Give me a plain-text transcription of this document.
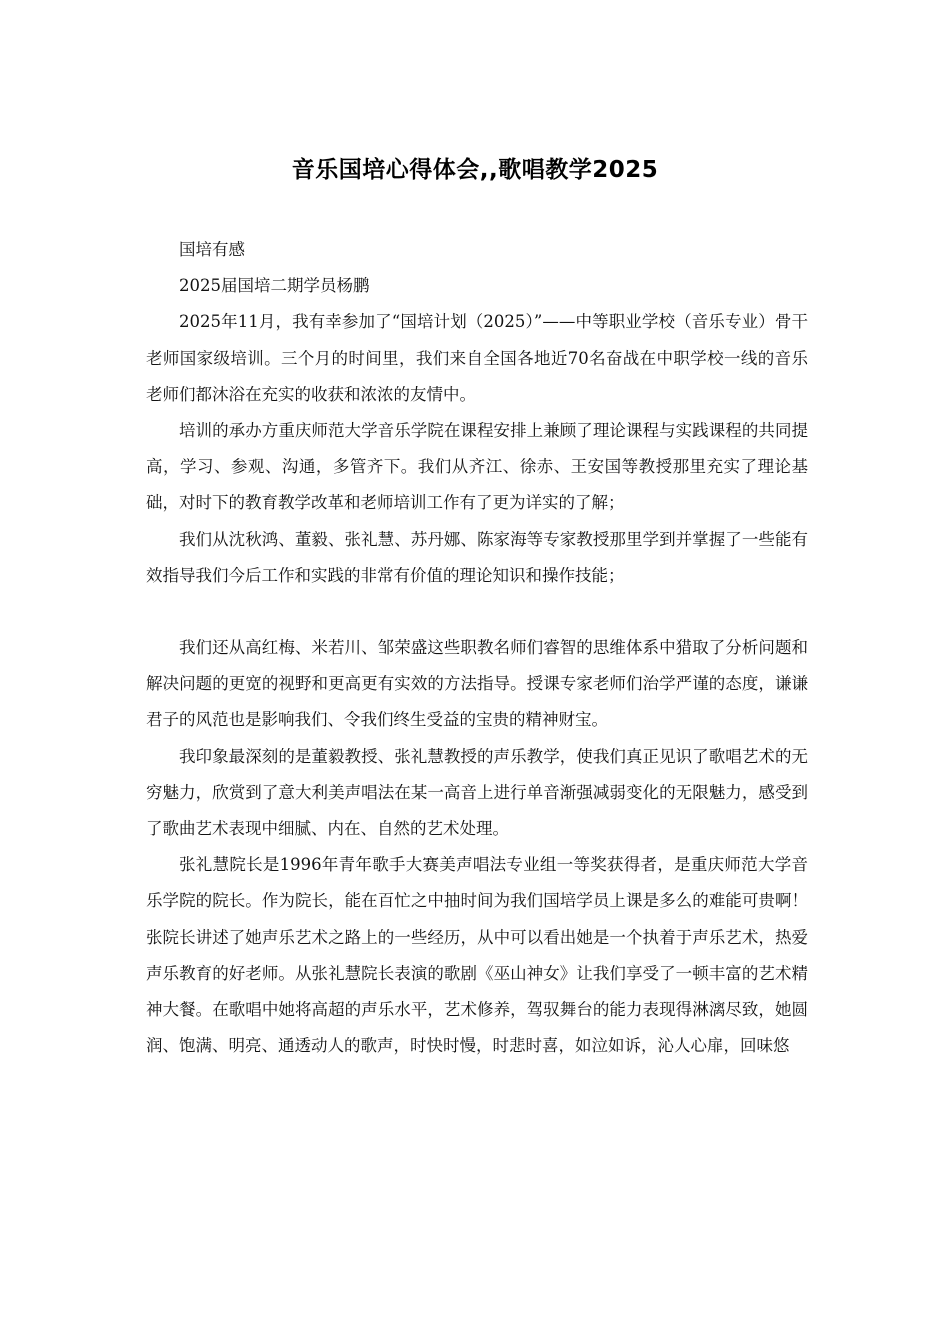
音乐国培心得体会,,歌唱教学2025

国培有感

2025届国培二期学员杨鹏

2025年11月，我有幸参加了“国培计划（2025）”——中等职业学校（音乐专业）骨干老师国家级培训。三个月的时间里，我们来自全国各地近70名奋战在中职学校一线的音乐老师们都沐浴在充实的收获和浓浓的友情中。

培训的承办方重庆师范大学音乐学院在课程安排上兼顾了理论课程与实践课程的共同提高，学习、参观、沟通，多管齐下。我们从齐江、徐赤、王安国等教授那里充实了理论基础，对时下的教育教学改革和老师培训工作有了更为详实的了解；

我们从沈秋鸿、董毅、张礼慧、苏丹娜、陈家海等专家教授那里学到并掌握了一些能有效指导我们今后工作和实践的非常有价值的理论知识和操作技能；

我们还从高红梅、米若川、邹荣盛这些职教名师们睿智的思维体系中猎取了分析问题和解决问题的更宽的视野和更高更有实效的方法指导。授课专家老师们治学严谨的态度，谦谦君子的风范也是影响我们、令我们终生受益的宝贵的精神财宝。

我印象最深刻的是董毅教授、张礼慧教授的声乐教学，使我们真正见识了歌唱艺术的无穷魅力，欣赏到了意大利美声唱法在某一高音上进行单音渐强减弱变化的无限魅力，感受到了歌曲艺术表现中细腻、内在、自然的艺术处理。

张礼慧院长是1996年青年歌手大赛美声唱法专业组一等奖获得者，是重庆师范大学音乐学院的院长。作为院长，能在百忙之中抽时间为我们国培学员上课是多么的难能可贵啊！张院长讲述了她声乐艺术之路上的一些经历，从中可以看出她是一个执着于声乐艺术，热爱声乐教育的好老师。从张礼慧院长表演的歌剧《巫山神女》让我们享受了一顿丰富的艺术精神大餐。在歌唱中她将高超的声乐水平，艺术修养，驾驭舞台的能力表现得淋漓尽致，她圆润、饱满、明亮、通透动人的歌声，时快时慢，时悲时喜，如泣如诉，沁人心扉，回味悠
